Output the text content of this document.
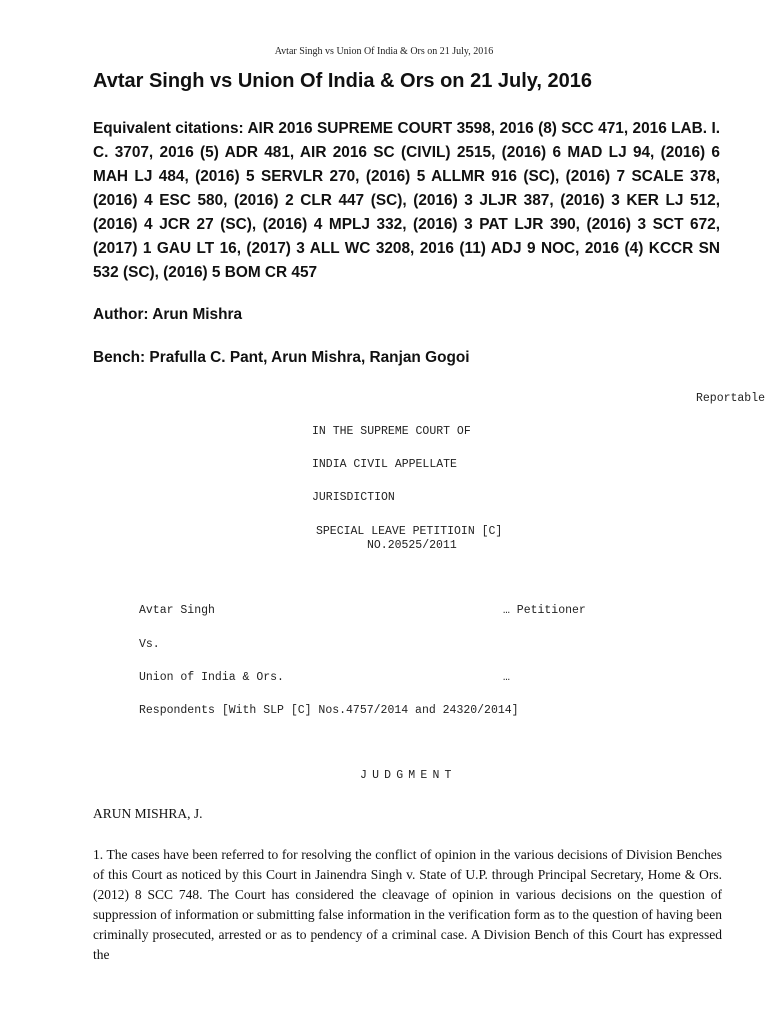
Avtar Singh vs Union Of India & Ors on 21 July, 2016
Avtar Singh vs Union Of India & Ors on 21 July, 2016

Equivalent citations: AIR 2016 SUPREME COURT 3598, 2016 (8) SCC 471, 2016 LAB. I. C. 3707, 2016 (5) ADR 481, AIR 2016 SC (CIVIL) 2515, (2016) 6 MAD LJ 94, (2016) 6 MAH LJ 484, (2016) 5 SERVLR 270, (2016) 5 ALLMR 916 (SC), (2016) 7 SCALE 378, (2016) 4 ESC 580, (2016) 2 CLR 447 (SC), (2016) 3 JLJR 387, (2016) 3 KER LJ 512, (2016) 4 JCR 27 (SC), (2016) 4 MPLJ 332, (2016) 3 PAT LJR 390, (2016) 3 SCT 672, (2017) 1 GAU LT 16, (2017) 3 ALL WC 3208, 2016 (11) ADJ 9 NOC, 2016 (4) KCCR SN 532 (SC), (2016) 5 BOM CR 457

Author: Arun Mishra

Bench: Prafulla C. Pant, Arun Mishra, Ranjan Gogoi

Reportable
IN THE SUPREME COURT OF
INDIA CIVIL APPELLATE
JURISDICTION
SPECIAL LEAVE PETITIOIN [C]
NO.20525/2011
Avtar Singh	… Petitioner
Vs.
Union of India & Ors.	…
Respondents [With SLP [C] Nos.4757/2014 and 24320/2014]
JUDGMENT

ARUN MISHRA, J.

1. The cases have been referred to for resolving the conflict of opinion in the various decisions of Division Benches of this Court as noticed by this Court in Jainendra Singh v. State of U.P. through Principal Secretary, Home & Ors. (2012) 8 SCC 748. The Court has considered the cleavage of opinion in various decisions on the question of suppression of information or submitting false information in the verification form as to the question of having been criminally prosecuted, arrested or as to pendency of a criminal case. A Division Bench of this Court has expressed the
